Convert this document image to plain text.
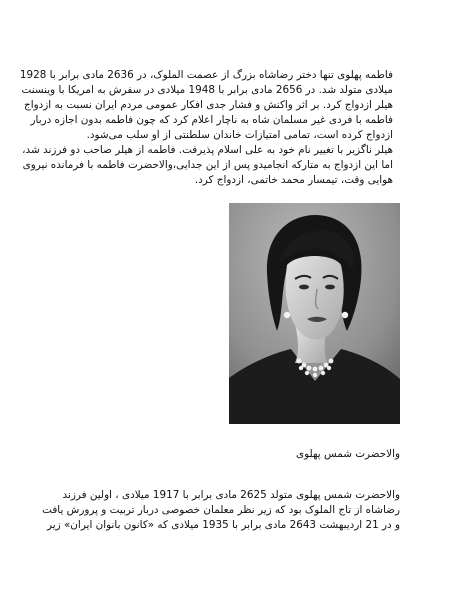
فاطمه پهلوی تنها دختر رضاشاه بزرگ از عصمت الملوک، در 2636 مادی برابر با 1928
میلادی متولد شد. در 2656 مادی برابر با 1948 میلادی در سفرش به امریکا با وینسنت
هیلر ازدواج کرد. بر اثر واکنش و فشار جدی افکار عمومی مردم ایران نسبت به ازدواج
فاطمه با فردی غیر مسلمان شاه به ناچار اعلام کرد که چون فاطمه بدون اجازه دربار
ازدواج کرده است، تمامی امتیازات خاندان سلطنتی از او سلب می‌شود.
هیلر ناگزیر با تغییر نام خود به علی اسلام پذیرفت. فاطمه از هیلر صاحب دو فرزند شد،
اما این ازدواج به متارکه انجامیدو پس از این جدایی،والاحضرت فاطمه با فرمانده نیروی
هوایی وقت، تیمسار محمد خاتمی، ازدواج کرد.
والاحضرت شمس پهلوی
والاحضرت شمس پهلوی متولد 2625 مادی برابر با 1917 میلادی ، اولین فرزند
رضاشاه از تاج الملوک بود که زیر نظر معلمان خصوصی دربار تربیت و پرورش یافت
و در 21 اردیبهشت 2643 مادی برابر با 1935 میلادی که «کانون بانوان ایران» زیر
